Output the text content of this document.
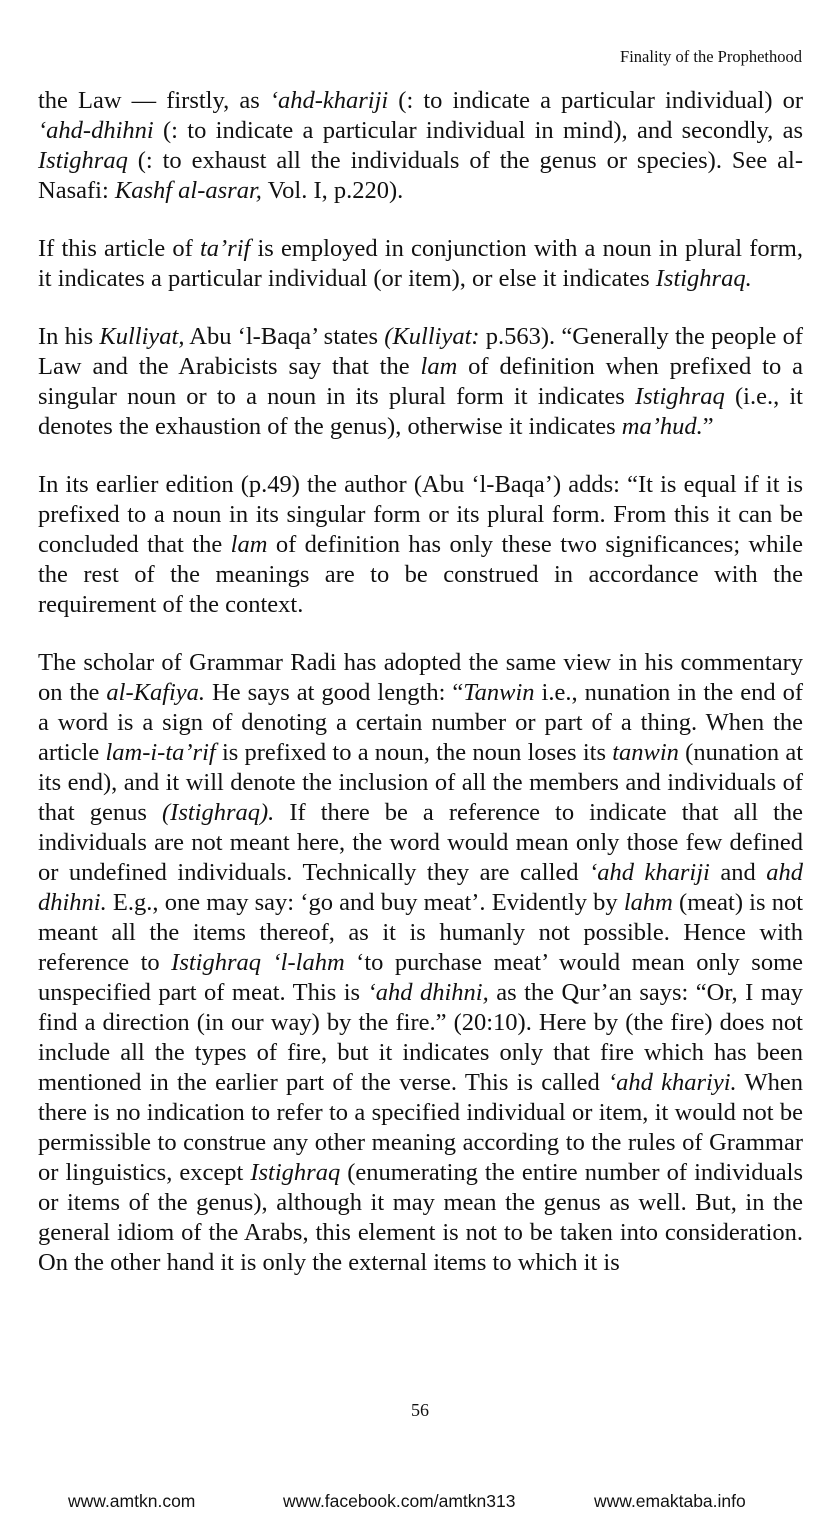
Finality of the Prophethood

the Law — firstly, as ‘ahd-khariji (: to indicate a particular individual) or ‘ahd-dhihni (: to indicate a particular individual in mind), and secondly, as Istighraq (: to exhaust all the individuals of the genus or species). See al-Nasafi: Kashf al-asrar, Vol. I, p.220).

If this article of ta’rif is employed in conjunction with a noun in plural form, it indicates a particular individual (or item), or else it indicates Istighraq.

In his Kulliyat, Abu ‘l-Baqa’ states (Kulliyat: p.563). “Generally the people of Law and the Arabicists say that the lam of definition when prefixed to a singular noun or to a noun in its plural form it indicates Istighraq (i.e., it denotes the exhaustion of the genus), otherwise it indicates ma’hud.”

In its earlier edition (p.49) the author (Abu ‘l-Baqa’) adds: “It is equal if it is prefixed to a noun in its singular form or its plural form. From this it can be concluded that the lam of definition has only these two significances; while the rest of the meanings are to be construed in accordance with the requirement of the context.

The scholar of Grammar Radi has adopted the same view in his commentary on the al-Kafiya. He says at good length: “Tanwin i.e., nunation in the end of a word is a sign of denoting a certain number or part of a thing. When the article lam-i-ta’rif is prefixed to a noun, the noun loses its tanwin (nunation at its end), and it will denote the inclusion of all the members and individuals of that genus (Istighraq). If there be a reference to indicate that all the individuals are not meant here, the word would mean only those few defined or undefined individuals. Technically they are called ‘ahd khariji and ahd dhihni. E.g., one may say: ‘go and buy meat’. Evidently by lahm (meat) is not meant all the items thereof, as it is humanly not possible. Hence with reference to Istighraq ‘l-lahm ‘to purchase meat’ would mean only some unspecified part of meat. This is ‘ahd dhihni, as the Qur’an says: “Or, I may find a direction (in our way) by the fire.” (20:10). Here by (the fire) does not include all the types of fire, but it indicates only that fire which has been mentioned in the earlier part of the verse. This is called ‘ahd khariyi. When there is no indication to refer to a specified individual or item, it would not be permissible to construe any other meaning according to the rules of Grammar or linguistics, except Istighraq (enumerating the entire number of individuals or items of the genus), although it may mean the genus as well. But, in the general idiom of the Arabs, this element is not to be taken into consideration. On the other hand it is only the external items to which it is

56
www.amtkn.com	www.facebook.com/amtkn313	www.emaktaba.info
